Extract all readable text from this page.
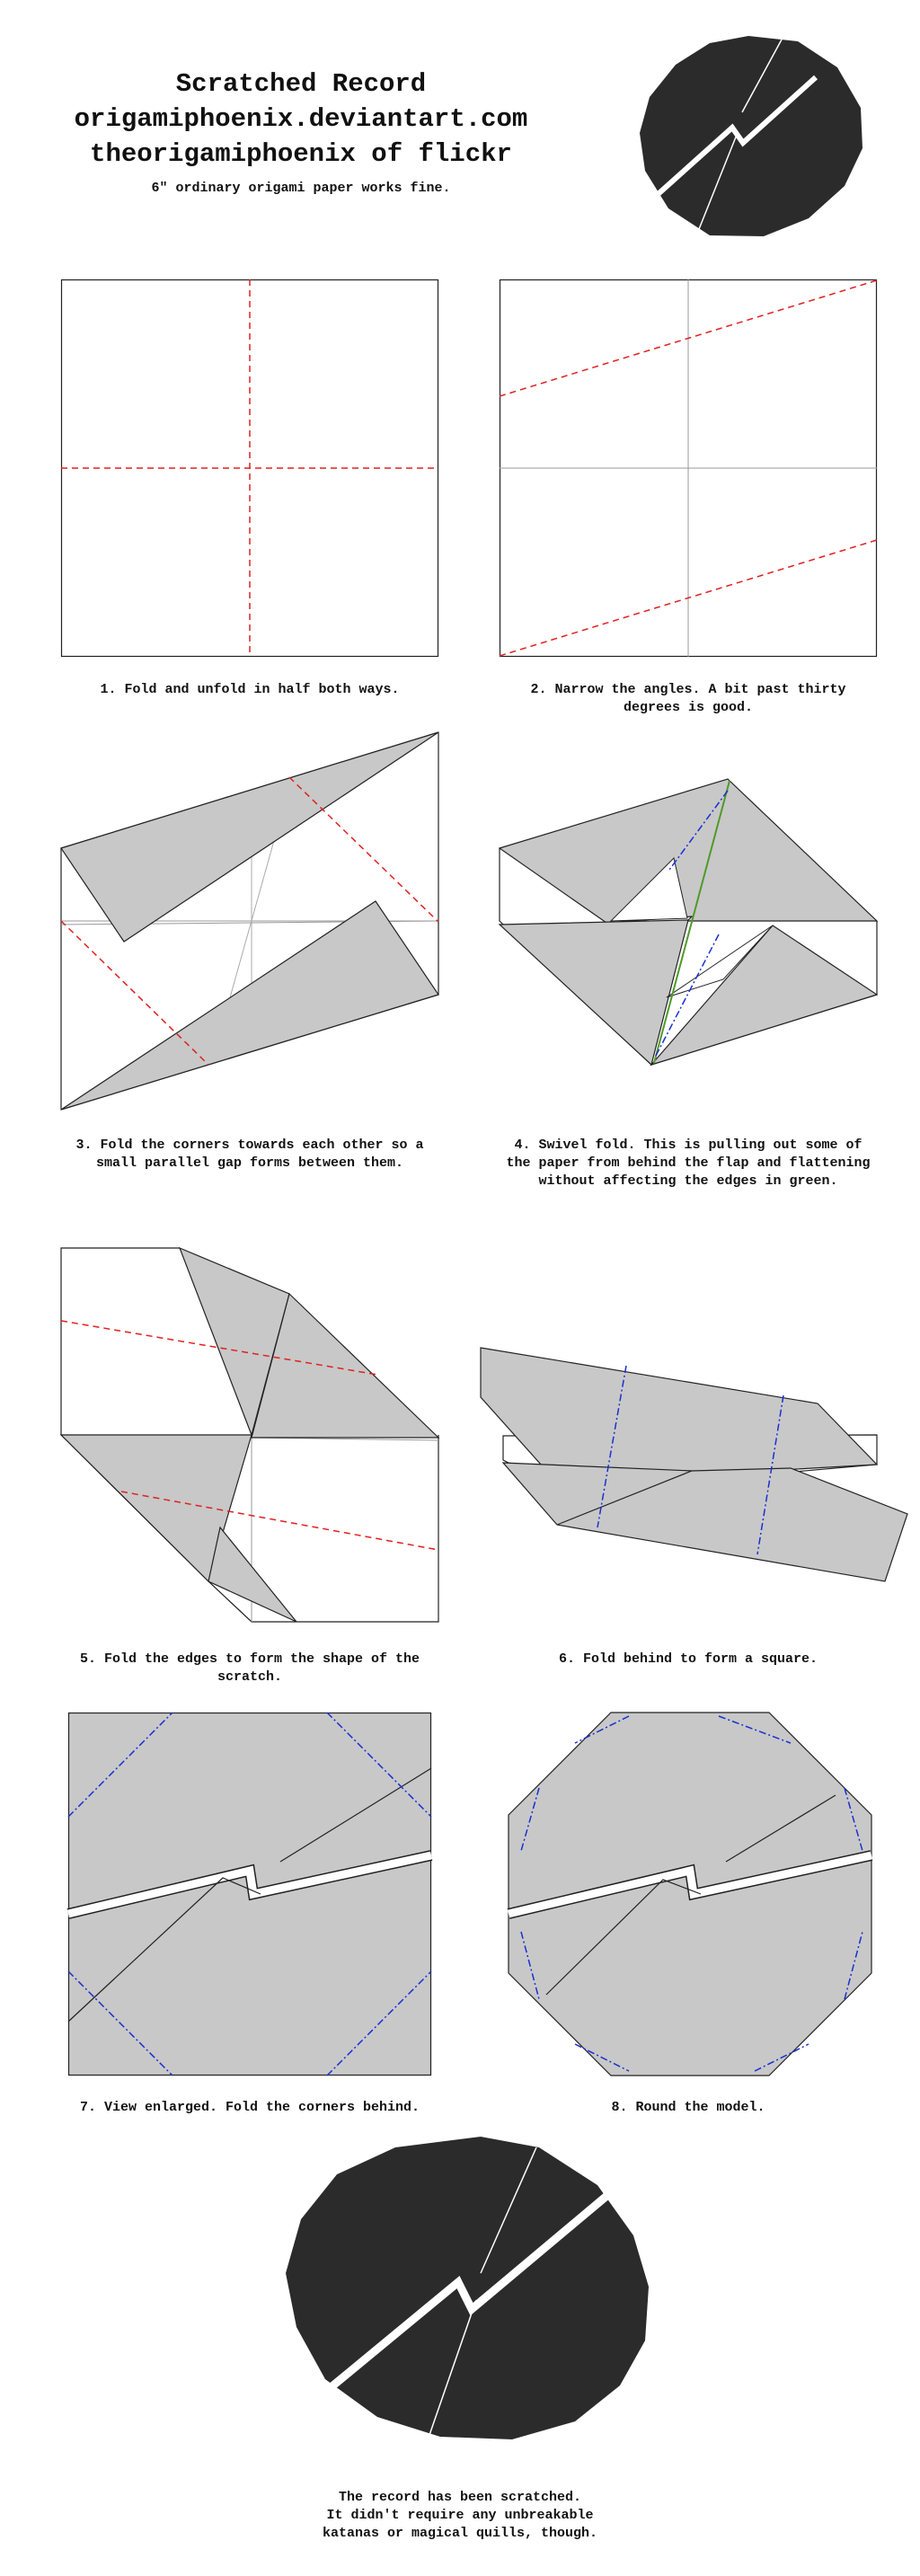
Scratched Record
origamiphoenix.deviantart.com
theorigamiphoenix of flickr
6" ordinary origami paper works fine.
1. Fold and unfold in half both ways.	2. Narrow the angles. A bit past thirty degrees is good.
3. Fold the corners towards each other so a small parallel gap forms between them.
4. Swivel fold. This is pulling out some of the paper from behind the flap and flattening without affecting the edges in green.
5. Fold the edges to form the shape of the scratch.
6. Fold behind to form a square.
7. View enlarged. Fold the corners behind.	8. Round the model.
The record has been scratched.
It didn't require any unbreakable
katanas or magical quills, though.
